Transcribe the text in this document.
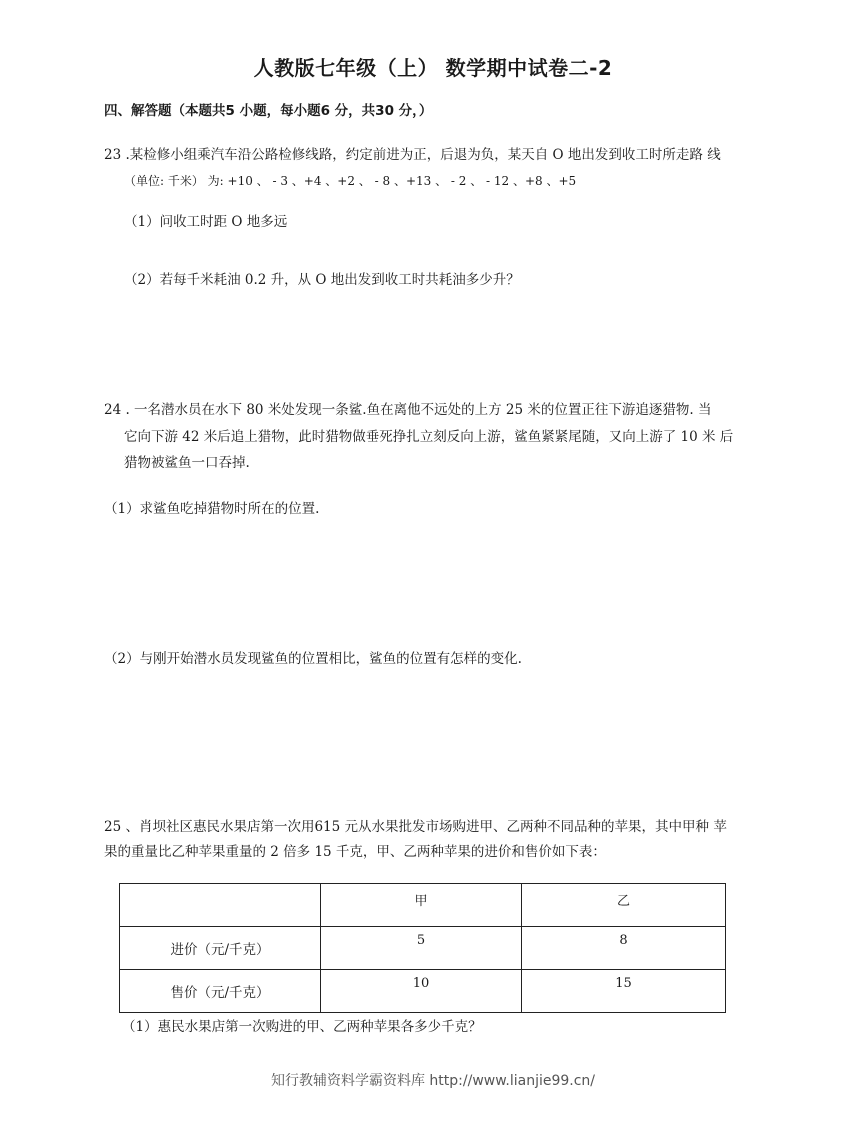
人教版七年级（上） 数学期中试卷二-2
四、解答题（本题共5 小题，每小题6 分，共30 分，）
23 .某检修小组乘汽车沿公路检修线路，约定前进为正，后退为负，某天自 O 地出发到收工时所走路 线
（单位: 千米） 为: +10 、 - 3 、+4 、+2 、 - 8 、+13 、 - 2 、 - 12 、+8 、+5
（1）问收工时距 O 地多远
（2）若每千米耗油 0.2 升，从 O 地出发到收工时共耗油多少升？
24 . 一名潜水员在水下 80 米处发现一条鲨.鱼在离他不远处的上方 25 米的位置正往下游追逐猎物. 当
它向下游 42 米后追上猎物，此时猎物做垂死挣扎立刻反向上游，鲨鱼紧紧尾随，又向上游了 10 米 后
猎物被鲨鱼一口吞掉.
（1）求鲨鱼吃掉猎物时所在的位置.
（2）与刚开始潜水员发现鲨鱼的位置相比，鲨鱼的位置有怎样的变化.
25 、肖坝社区惠民水果店第一次用615 元从水果批发市场购进甲、乙两种不同品种的苹果，其中甲种 苹
果的重量比乙种苹果重量的 2 倍多 15 千克，甲、乙两种苹果的进价和售价如下表：
	甲	乙
进价（元/千克）	5	8
售价（元/千克）	10	15
（1）惠民水果店第一次购进的甲、乙两种苹果各多少千克？
知行教辅资料学霸资料库 http://www.lianjie99.cn/
